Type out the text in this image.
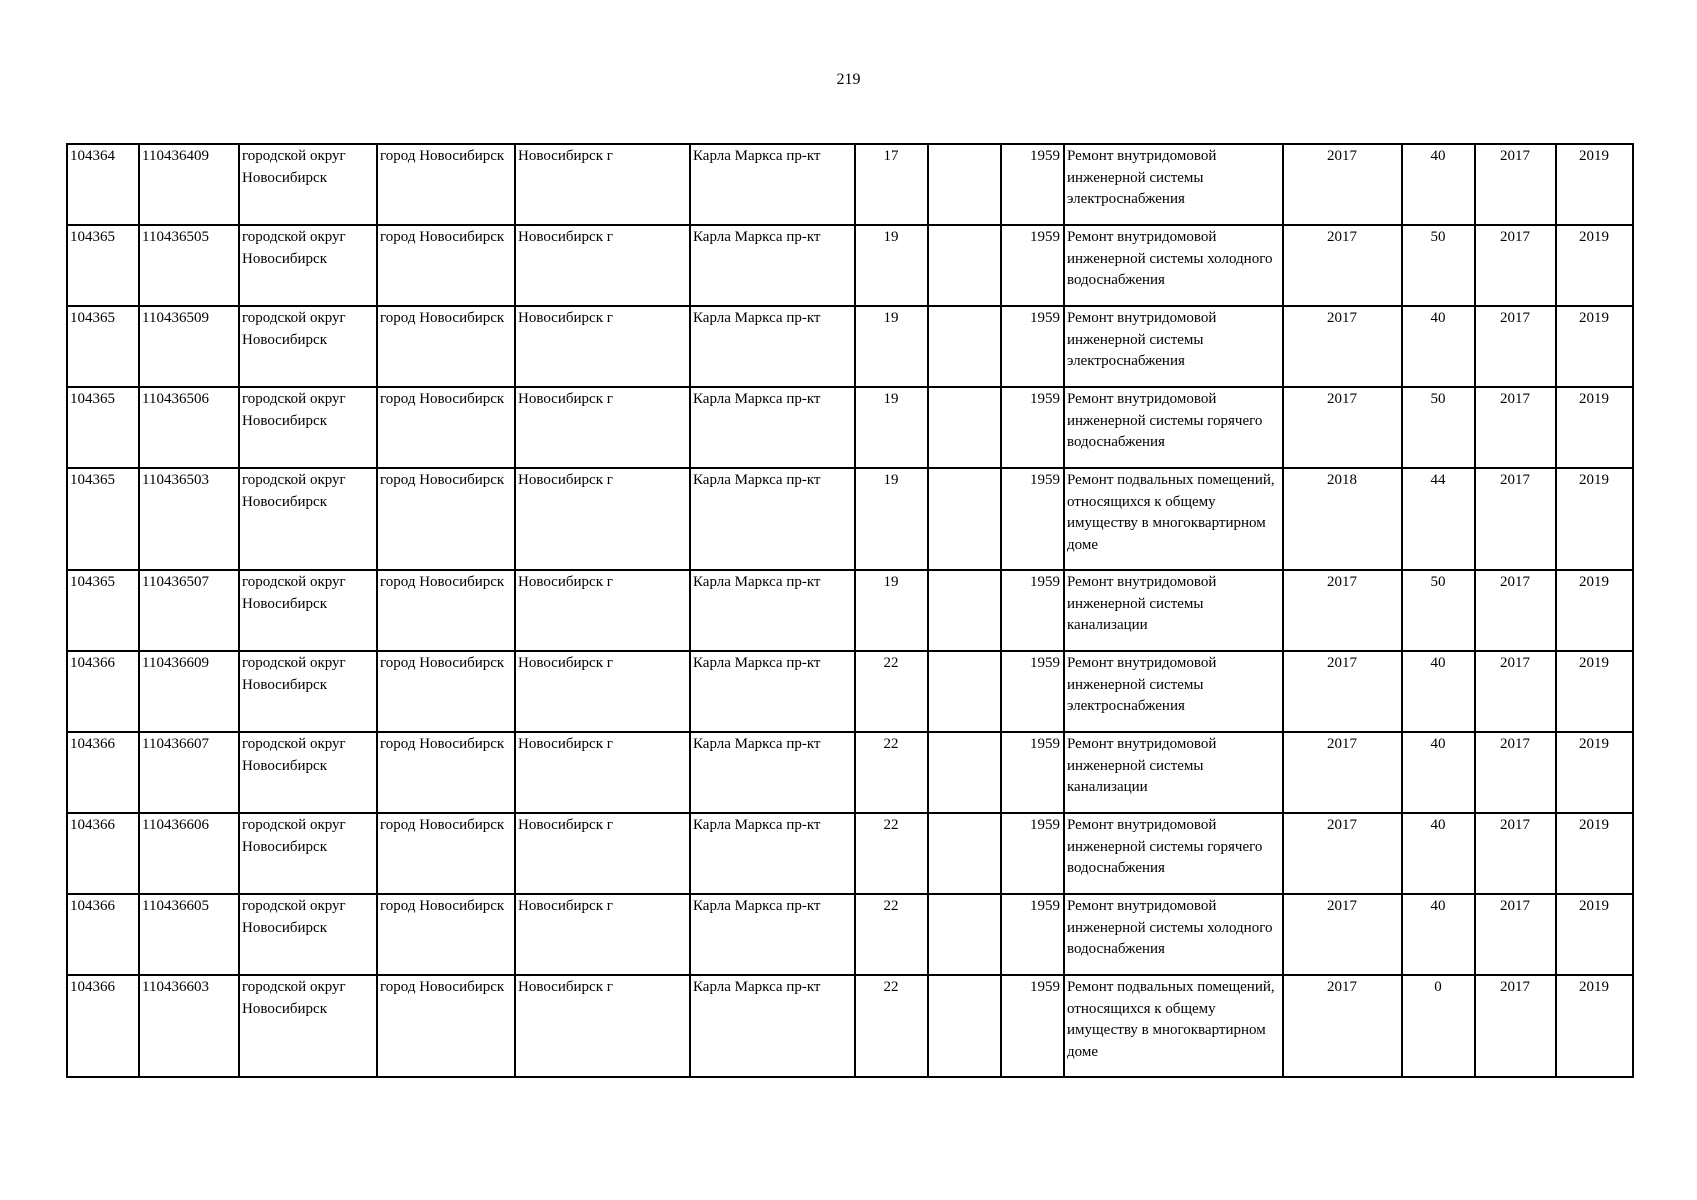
219
104364	110436409	городской округ Новосибирск	город Новосибирск	Новосибирск г	Карла Маркса пр-кт	17		1959	Ремонт внутридомовой инженерной системы электроснабжения	2017	40	2017	2019
104365	110436505	городской округ Новосибирск	город Новосибирск	Новосибирск г	Карла Маркса пр-кт	19		1959	Ремонт внутридомовой инженерной системы холодного водоснабжения	2017	50	2017	2019
104365	110436509	городской округ Новосибирск	город Новосибирск	Новосибирск г	Карла Маркса пр-кт	19		1959	Ремонт внутридомовой инженерной системы электроснабжения	2017	40	2017	2019
104365	110436506	городской округ Новосибирск	город Новосибирск	Новосибирск г	Карла Маркса пр-кт	19		1959	Ремонт внутридомовой инженерной системы горячего водоснабжения	2017	50	2017	2019
104365	110436503	городской округ Новосибирск	город Новосибирск	Новосибирск г	Карла Маркса пр-кт	19		1959	Ремонт подвальных помещений, относящихся к общему имуществу в многоквартирном доме	2018	44	2017	2019
104365	110436507	городской округ Новосибирск	город Новосибирск	Новосибирск г	Карла Маркса пр-кт	19		1959	Ремонт внутридомовой инженерной системы канализации	2017	50	2017	2019
104366	110436609	городской округ Новосибирск	город Новосибирск	Новосибирск г	Карла Маркса пр-кт	22		1959	Ремонт внутридомовой инженерной системы электроснабжения	2017	40	2017	2019
104366	110436607	городской округ Новосибирск	город Новосибирск	Новосибирск г	Карла Маркса пр-кт	22		1959	Ремонт внутридомовой инженерной системы канализации	2017	40	2017	2019
104366	110436606	городской округ Новосибирск	город Новосибирск	Новосибирск г	Карла Маркса пр-кт	22		1959	Ремонт внутридомовой инженерной системы горячего водоснабжения	2017	40	2017	2019
104366	110436605	городской округ Новосибирск	город Новосибирск	Новосибирск г	Карла Маркса пр-кт	22		1959	Ремонт внутридомовой инженерной системы холодного водоснабжения	2017	40	2017	2019
104366	110436603	городской округ Новосибирск	город Новосибирск	Новосибирск г	Карла Маркса пр-кт	22		1959	Ремонт подвальных помещений, относящихся к общему имуществу в многоквартирном доме	2017	0	2017	2019
